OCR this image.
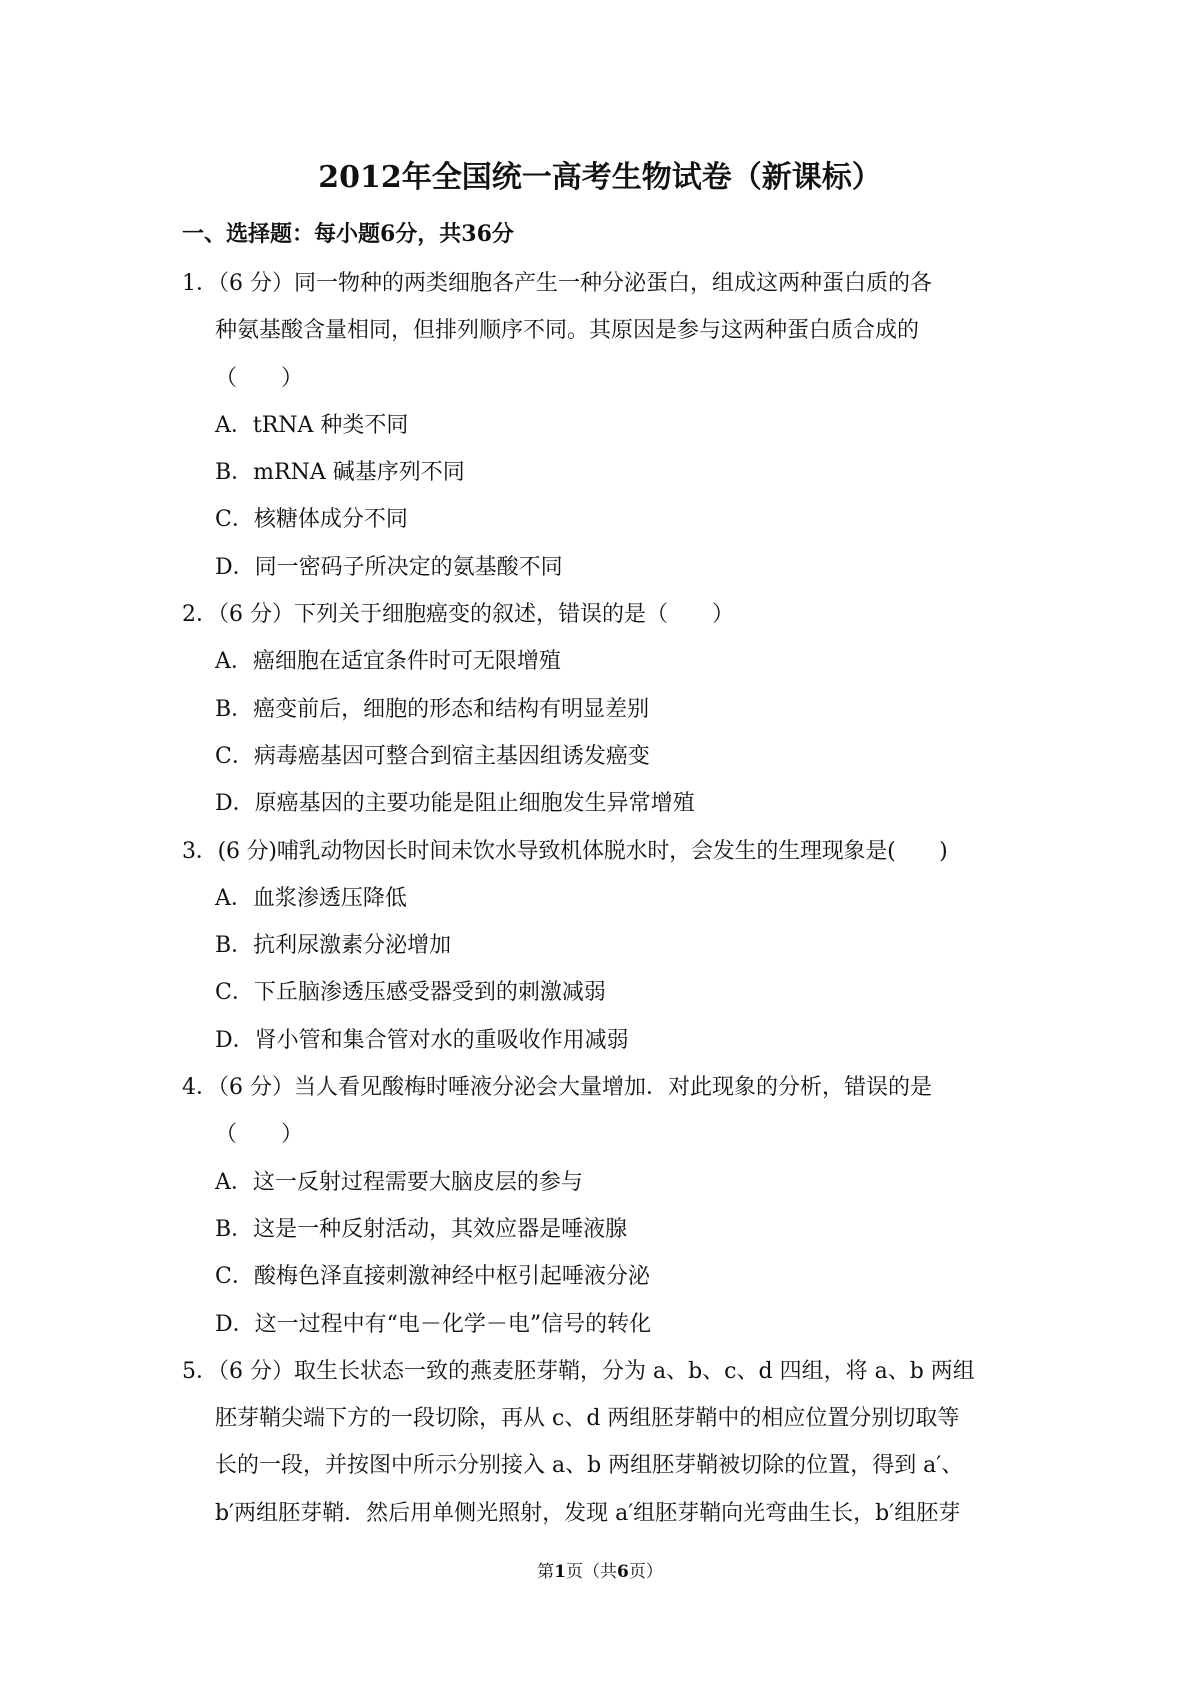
2012年全国统一高考生物试卷（新课标）
一、选择题：每小题6分，共36分
1．（6 分）同一物种的两类细胞各产生一种分泌蛋白，组成这两种蛋白质的各
种氨基酸含量相同，但排列顺序不同。其原因是参与这两种蛋白质合成的
（　　）
A．tRNA 种类不同
B．mRNA 碱基序列不同
C．核糖体成分不同
D．同一密码子所决定的氨基酸不同
2．（6 分）下列关于细胞癌变的叙述，错误的是（　　）
A．癌细胞在适宜条件时可无限增殖
B．癌变前后，细胞的形态和结构有明显差别
C．病毒癌基因可整合到宿主基因组诱发癌变
D．原癌基因的主要功能是阻止细胞发生异常增殖
3．(6 分)哺乳动物因长时间未饮水导致机体脱水时，会发生的生理现象是(　　)
A．血浆渗透压降低
B．抗利尿激素分泌增加
C．下丘脑渗透压感受器受到的刺激减弱
D．肾小管和集合管对水的重吸收作用减弱
4．（6 分）当人看见酸梅时唾液分泌会大量增加．对此现象的分析，错误的是
（　　）
A．这一反射过程需要大脑皮层的参与
B．这是一种反射活动，其效应器是唾液腺
C．酸梅色泽直接刺激神经中枢引起唾液分泌
D．这一过程中有“电－化学－电”信号的转化
5．（6 分）取生长状态一致的燕麦胚芽鞘，分为 a、b、c、d 四组，将 a、b 两组
胚芽鞘尖端下方的一段切除，再从 c、d 两组胚芽鞘中的相应位置分别切取等
长的一段，并按图中所示分别接入 a、b 两组胚芽鞘被切除的位置，得到 a′、
b′两组胚芽鞘．然后用单侧光照射，发现 a′组胚芽鞘向光弯曲生长，b′组胚芽
第1页（共6页）
